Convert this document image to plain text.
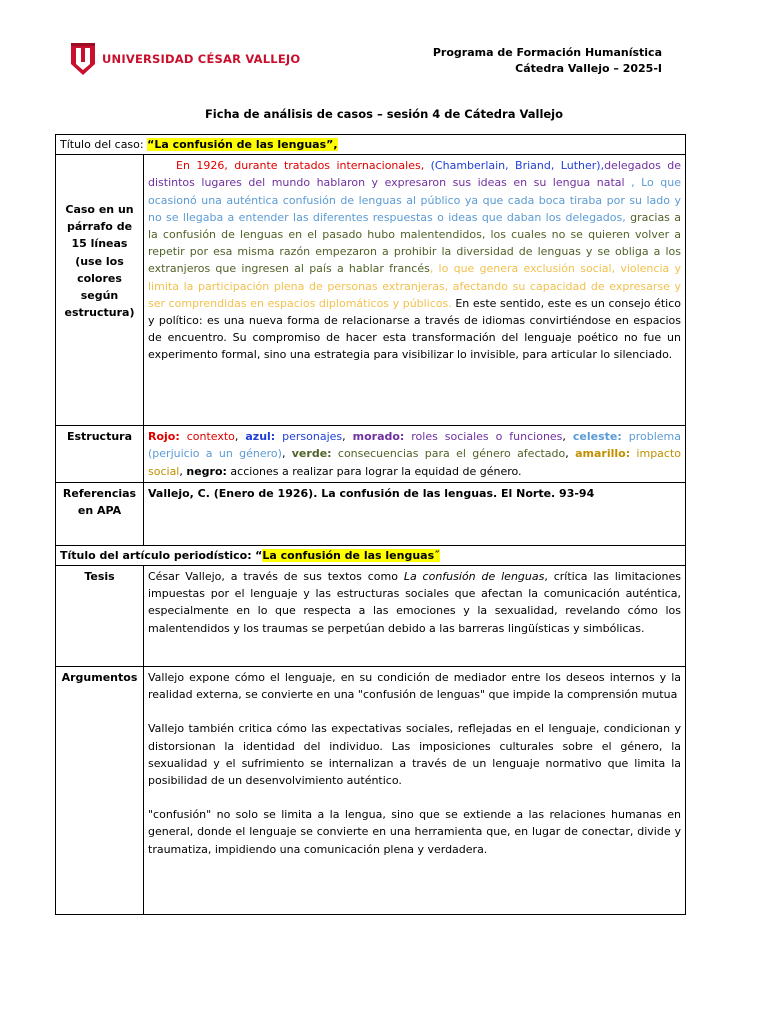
UNIVERSIDAD CÉSAR VALLEJO	Programa de Formación Humanística
Cátedra Vallejo – 2025-I
Ficha de análisis de casos – sesión 4 de Cátedra Vallejo
Título del caso: “La confusión de las lenguas”,	
Caso en un párrafo de 15 líneas (use los colores según estructura)	En 1926, durante tratados internacionales, (Chamberlain, Briand, Luther),delegados de distintos lugares del mundo hablaron y expresaron sus ideas en su lengua natal , Lo que ocasionó una auténtica confusión de lenguas al público ya que cada boca tiraba por su lado y no se llegaba a entender las diferentes respuestas o ideas que daban los delegados, gracias a la confusión de lenguas en el pasado hubo malentendidos, los cuales no se quieren volver a repetir por esa misma razón empezaron a prohibir la diversidad de lenguas y se obliga a los extranjeros que ingresen al país a hablar francés, lo que genera exclusión social, violencia y limita la participación plena de personas extranjeras, afectando su capacidad de expresarse y ser comprendidas en espacios diplomáticos y públicos. En este sentido, este es un consejo ético y político: es una nueva forma de relacionarse a través de idiomas convirtiéndose en espacios de encuentro. Su compromiso de hacer esta transformación del lenguaje poético no fue un experimento formal, sino una estrategia para visibilizar lo invisible, para articular lo silenciado.
Estructura	Rojo: contexto, azul: personajes, morado: roles sociales o funciones, celeste: problema (perjuicio a un género), verde: consecuencias para el género afectado, amarillo: impacto social, negro: acciones a realizar para lograr la equidad de género.
Referencias en APA	Vallejo, C. (Enero de 1926). La confusión de las lenguas. El Norte. 93-94
Título del artículo periodístico: “La confusión de las lenguas˝	
Tesis	César Vallejo, a través de sus textos como La confusión de lenguas, crítica las limitaciones impuestas por el lenguaje y las estructuras sociales que afectan la comunicación auténtica, especialmente en lo que respecta a las emociones y la sexualidad, revelando cómo los malentendidos y los traumas se perpetúan debido a las barreras lingüísticas y simbólicas.
Argumentos	Vallejo expone cómo el lenguaje, en su condición de mediador entre los deseos internos y la realidad externa, se convierte en una "confusión de lenguas" que impide la comprensión mutua

Vallejo también critica cómo las expectativas sociales, reflejadas en el lenguaje, condicionan y distorsionan la identidad del individuo. Las imposiciones culturales sobre el género, la sexualidad y el sufrimiento se internalizan a través de un lenguaje normativo que limita la posibilidad de un desenvolvimiento auténtico.

"confusión" no solo se limita a la lengua, sino que se extiende a las relaciones humanas en general, donde el lenguaje se convierte en una herramienta que, en lugar de conectar, divide y traumatiza, impidiendo una comunicación plena y verdadera.
